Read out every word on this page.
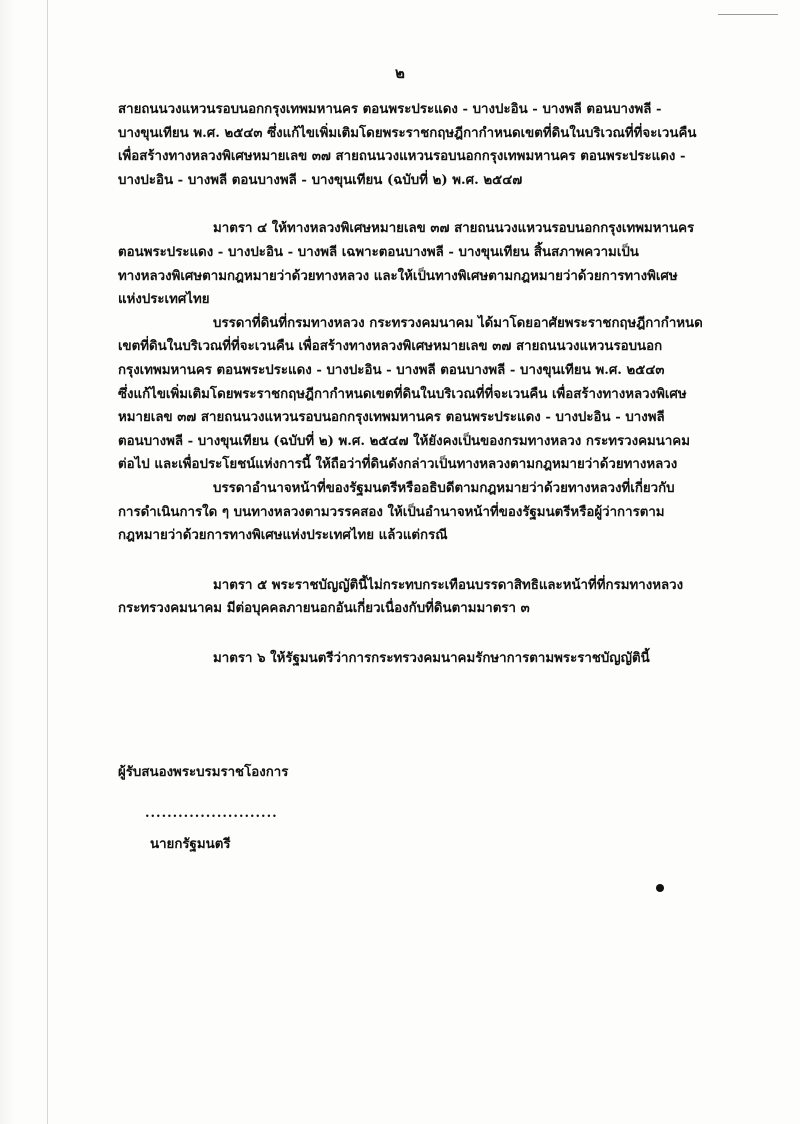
๒
สายถนนวงแหวนรอบนอกกรุงเทพมหานคร ตอนพระประแดง - บางปะอิน - บางพลี ตอนบางพลี -
บางขุนเทียน พ.ศ. ๒๕๔๓ ซึ่งแก้ไขเพิ่มเติมโดยพระราชกฤษฎีกากำหนดเขตที่ดินในบริเวณที่ที่จะเวนคืน
เพื่อสร้างทางหลวงพิเศษหมายเลข ๓๗ สายถนนวงแหวนรอบนอกกรุงเทพมหานคร ตอนพระประแดง -
บางปะอิน - บางพลี ตอนบางพลี - บางขุนเทียน (ฉบับที่ ๒) พ.ศ. ๒๕๔๗
มาตรา ๔ ให้ทางหลวงพิเศษหมายเลข ๓๗ สายถนนวงแหวนรอบนอกกรุงเทพมหานคร
ตอนพระประแดง - บางปะอิน - บางพลี เฉพาะตอนบางพลี - บางขุนเทียน สิ้นสภาพความเป็น
ทางหลวงพิเศษตามกฎหมายว่าด้วยทางหลวง และให้เป็นทางพิเศษตามกฎหมายว่าด้วยการทางพิเศษ
แห่งประเทศไทย
บรรดาที่ดินที่กรมทางหลวง กระทรวงคมนาคม ได้มาโดยอาศัยพระราชกฤษฎีกากำหนด
เขตที่ดินในบริเวณที่ที่จะเวนคืน เพื่อสร้างทางหลวงพิเศษหมายเลข ๓๗ สายถนนวงแหวนรอบนอก
กรุงเทพมหานคร ตอนพระประแดง - บางปะอิน - บางพลี ตอนบางพลี - บางขุนเทียน พ.ศ. ๒๕๔๓
ซึ่งแก้ไขเพิ่มเติมโดยพระราชกฤษฎีกากำหนดเขตที่ดินในบริเวณที่ที่จะเวนคืน เพื่อสร้างทางหลวงพิเศษ
หมายเลข ๓๗ สายถนนวงแหวนรอบนอกกรุงเทพมหานคร ตอนพระประแดง - บางปะอิน - บางพลี
ตอนบางพลี - บางขุนเทียน (ฉบับที่ ๒) พ.ศ. ๒๕๔๗ ให้ยังคงเป็นของกรมทางหลวง กระทรวงคมนาคม
ต่อไป และเพื่อประโยชน์แห่งการนี้ ให้ถือว่าที่ดินดังกล่าวเป็นทางหลวงตามกฎหมายว่าด้วยทางหลวง
บรรดาอำนาจหน้าที่ของรัฐมนตรีหรืออธิบดีตามกฎหมายว่าด้วยทางหลวงที่เกี่ยวกับ
การดำเนินการใด ๆ บนทางหลวงตามวรรคสอง ให้เป็นอำนาจหน้าที่ของรัฐมนตรีหรือผู้ว่าการตาม
กฎหมายว่าด้วยการทางพิเศษแห่งประเทศไทย แล้วแต่กรณี
มาตรา ๕ พระราชบัญญัตินี้ไม่กระทบกระเทือนบรรดาสิทธิและหน้าที่ที่กรมทางหลวง
กระทรวงคมนาคม มีต่อบุคคลภายนอกอันเกี่ยวเนื่องกับที่ดินตามมาตรา ๓
มาตรา ๖ ให้รัฐมนตรีว่าการกระทรวงคมนาคมรักษาการตามพระราชบัญญัตินี้
ผู้รับสนองพระบรมราชโองการ
........................
นายกรัฐมนตรี
